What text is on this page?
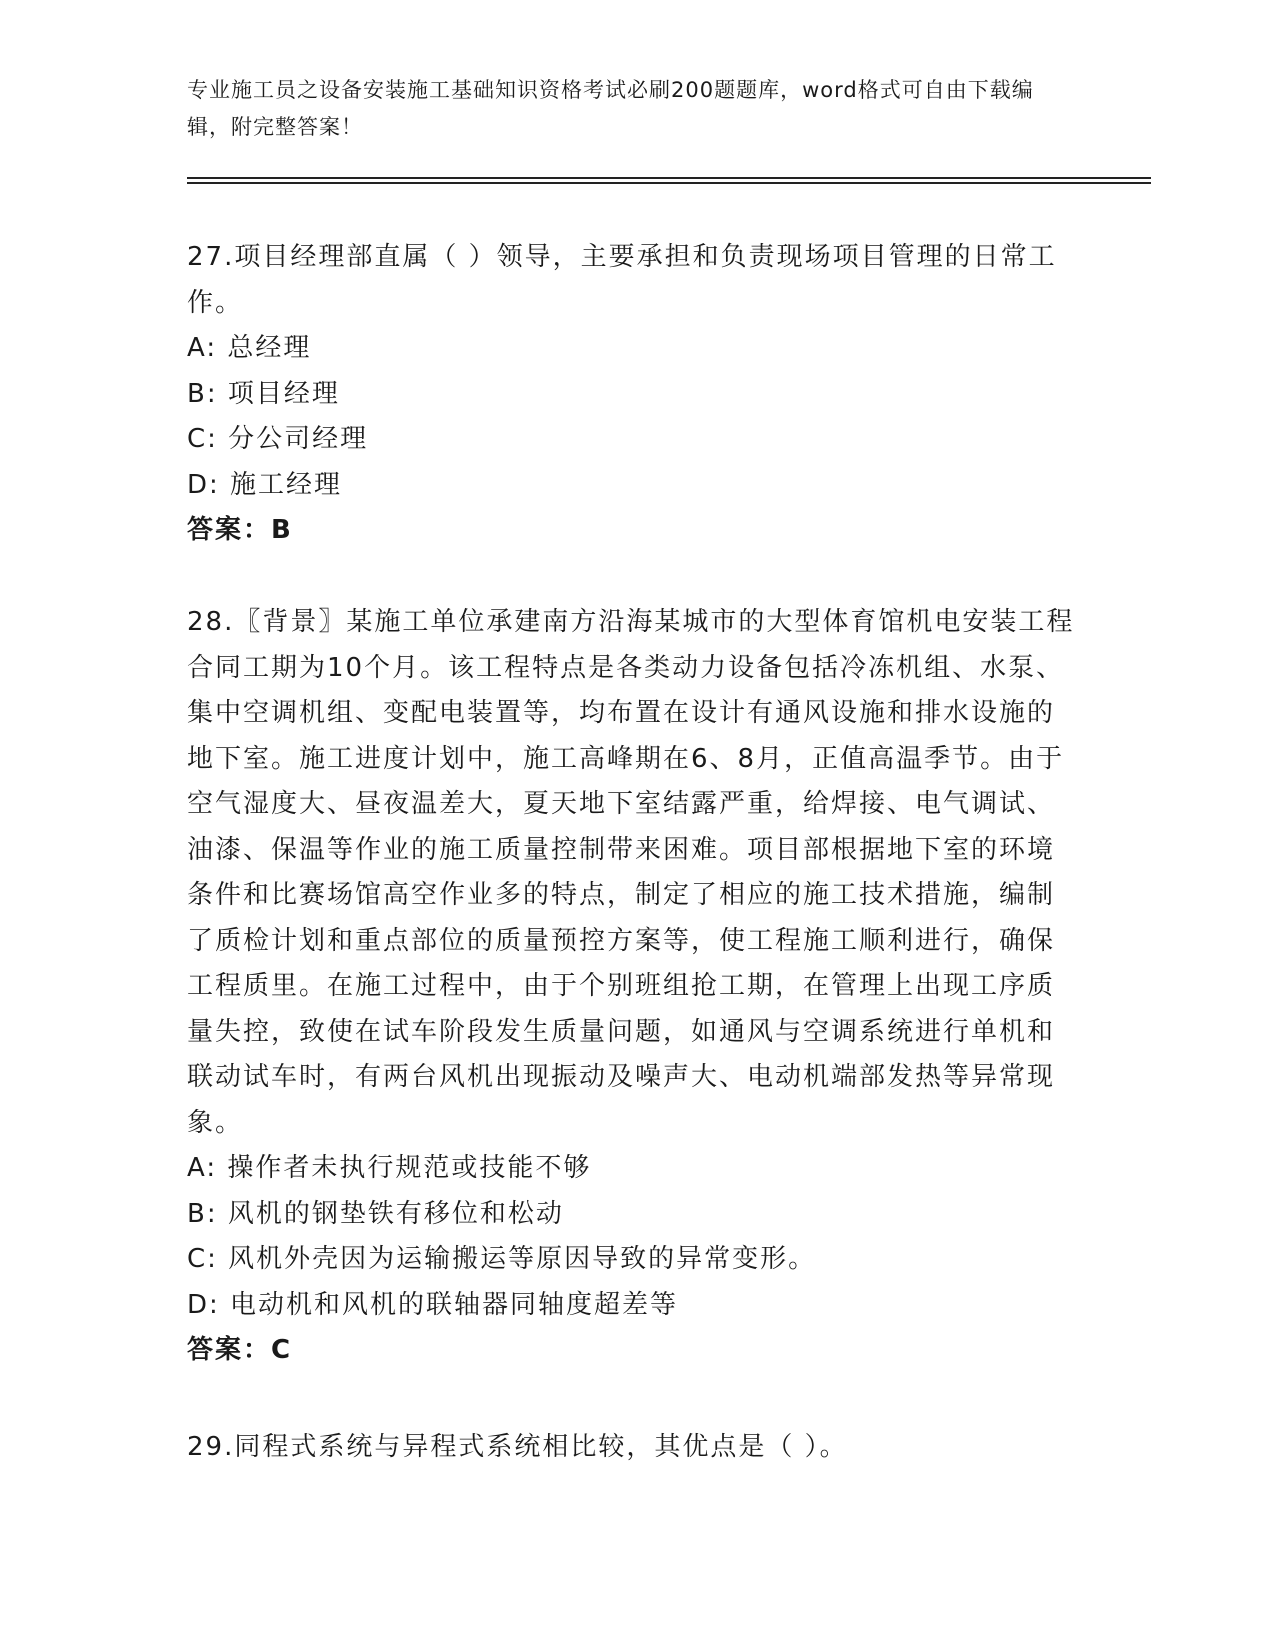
专业施工员之设备安装施工基础知识资格考试必刷200题题库，word格式可自由下载编辑，附完整答案！
27.项目经理部直属（ ）领导，主要承担和负责现场项目管理的日常工作。
A: 总经理
B: 项目经理
C: 分公司经理
D: 施工经理
答案：B
28.〖背景〗某施工单位承建南方沿海某城市的大型体育馆机电安装工程合同工期为10个月。该工程特点是各类动力设备包括冷冻机组、水泵、集中空调机组、变配电装置等，均布置在设计有通风设施和排水设施的地下室。施工进度计划中，施工高峰期在6、8月，正值高温季节。由于空气湿度大、昼夜温差大，夏天地下室结露严重，给焊接、电气调试、油漆、保温等作业的施工质量控制带来困难。项目部根据地下室的环境条件和比赛场馆高空作业多的特点，制定了相应的施工技术措施，编制了质检计划和重点部位的质量预控方案等，使工程施工顺利进行，确保工程质里。在施工过程中，由于个别班组抢工期，在管理上出现工序质量失控，致使在试车阶段发生质量问题，如通风与空调系统进行单机和联动试车时，有两台风机出现振动及噪声大、电动机端部发热等异常现象。
A: 操作者未执行规范或技能不够
B: 风机的钢垫铁有移位和松动
C: 风机外壳因为运输搬运等原因导致的异常变形。
D: 电动机和风机的联轴器同轴度超差等
答案：C
29.同程式系统与异程式系统相比较，其优点是（ ）。
